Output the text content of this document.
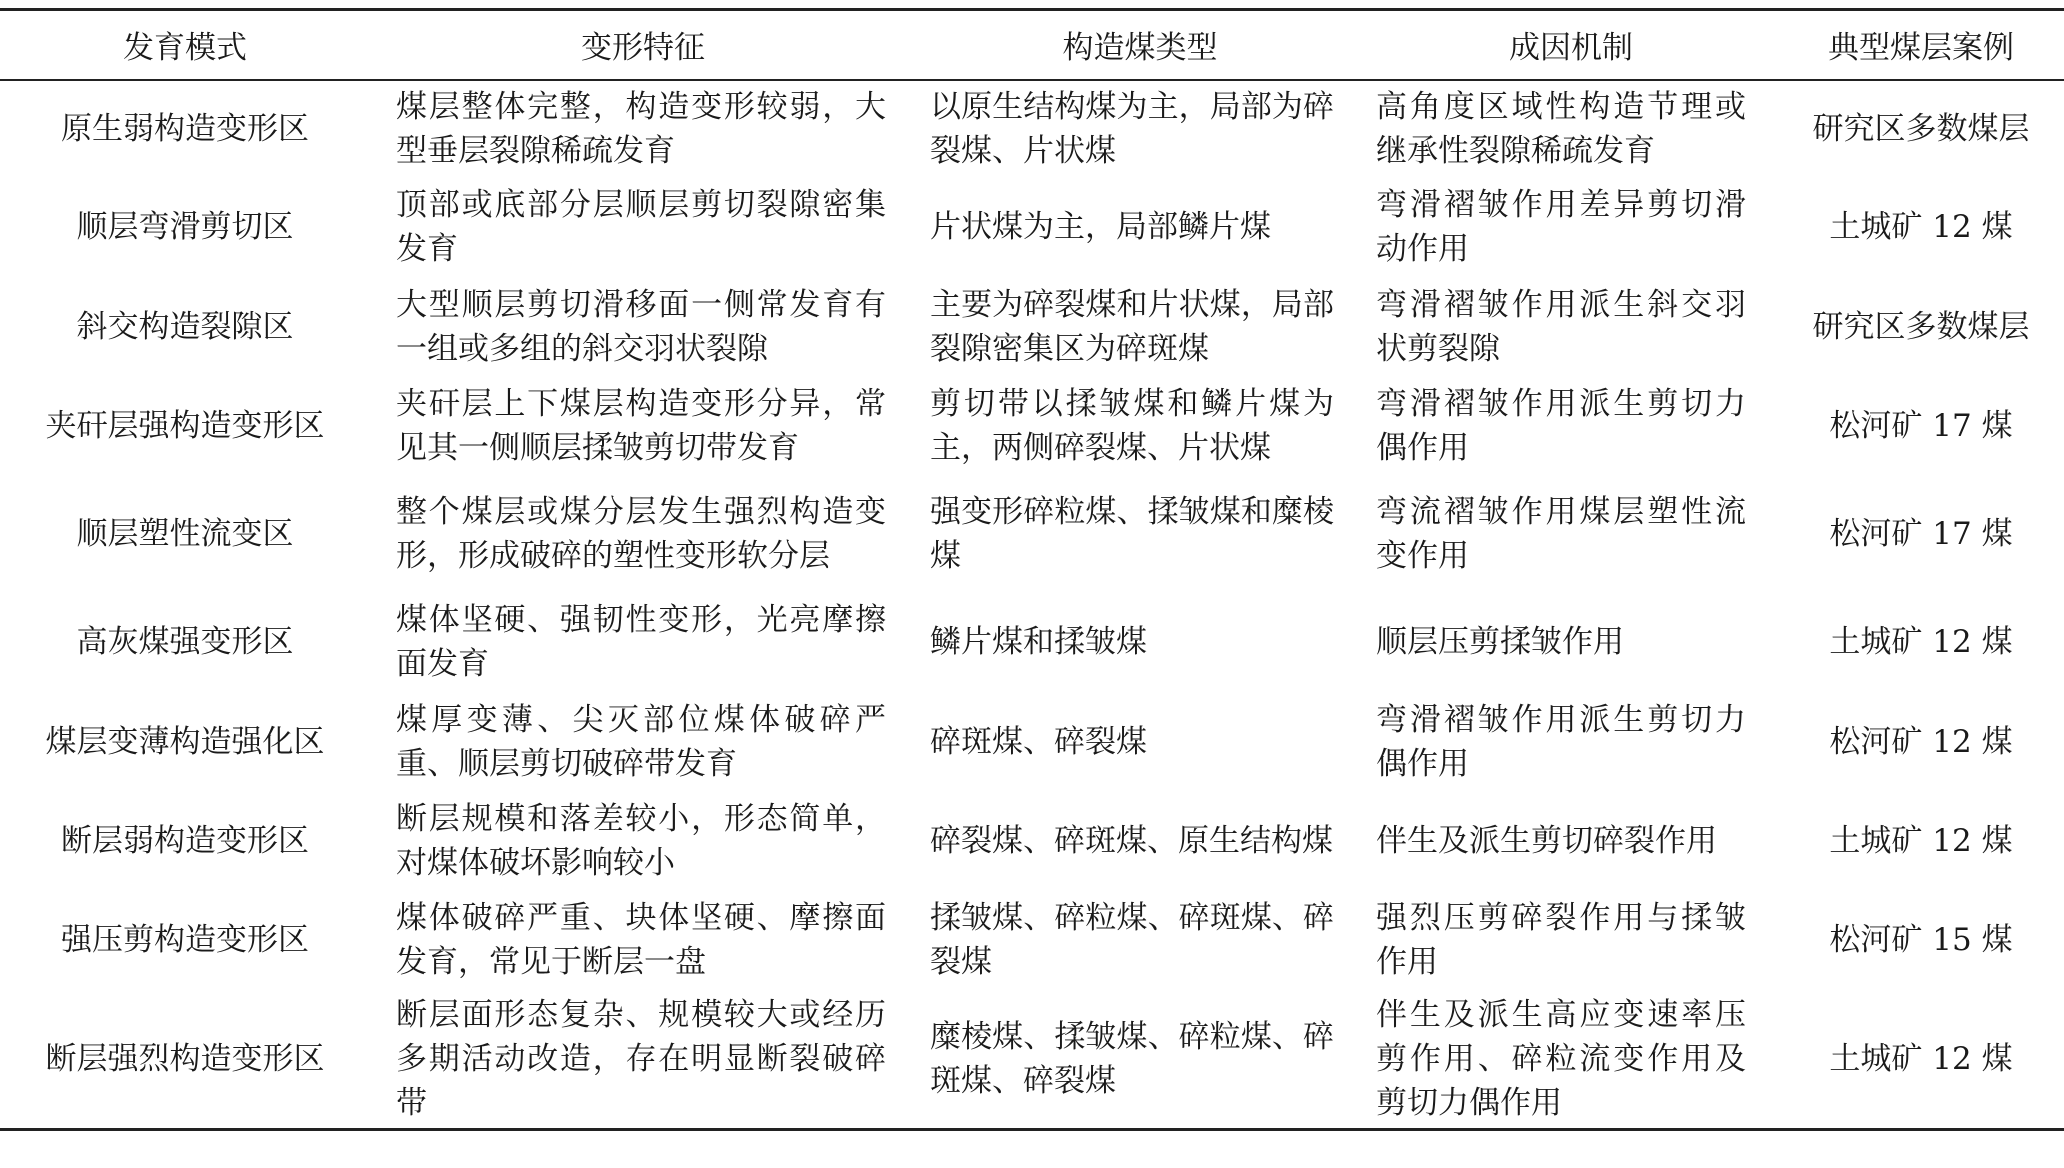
发育模式	变形特征	构造煤类型	成因机制	典型煤层案例
原生弱构造变形区	煤层整体完整，构造变形较弱，大型垂层裂隙稀疏发育	以原生结构煤为主，局部为碎裂煤、片状煤	高角度区域性构造节理或继承性裂隙稀疏发育	研究区多数煤层
顺层弯滑剪切区	顶部或底部分层顺层剪切裂隙密集发育	片状煤为主，局部鳞片煤	弯滑褶皱作用差异剪切滑动作用	土城矿 12 煤
斜交构造裂隙区	大型顺层剪切滑移面一侧常发育有一组或多组的斜交羽状裂隙	主要为碎裂煤和片状煤，局部裂隙密集区为碎斑煤	弯滑褶皱作用派生斜交羽状剪裂隙	研究区多数煤层
夹矸层强构造变形区	夹矸层上下煤层构造变形分异，常见其一侧顺层揉皱剪切带发育	剪切带以揉皱煤和鳞片煤为主，两侧碎裂煤、片状煤	弯滑褶皱作用派生剪切力偶作用	松河矿 17 煤
顺层塑性流变区	整个煤层或煤分层发生强烈构造变形，形成破碎的塑性变形软分层	强变形碎粒煤、揉皱煤和糜棱煤	弯流褶皱作用煤层塑性流变作用	松河矿 17 煤
高灰煤强变形区	煤体坚硬、强韧性变形，光亮摩擦面发育	鳞片煤和揉皱煤	顺层压剪揉皱作用	土城矿 12 煤
煤层变薄构造强化区	煤厚变薄、尖灭部位煤体破碎严重、顺层剪切破碎带发育	碎斑煤、碎裂煤	弯滑褶皱作用派生剪切力偶作用	松河矿 12 煤
断层弱构造变形区	断层规模和落差较小，形态简单，对煤体破坏影响较小	碎裂煤、碎斑煤、原生结构煤	伴生及派生剪切碎裂作用	土城矿 12 煤
强压剪构造变形区	煤体破碎严重、块体坚硬、摩擦面发育，常见于断层一盘	揉皱煤、碎粒煤、碎斑煤、碎裂煤	强烈压剪碎裂作用与揉皱作用	松河矿 15 煤
断层强烈构造变形区	断层面形态复杂、规模较大或经历多期活动改造，存在明显断裂破碎带	糜棱煤、揉皱煤、碎粒煤、碎斑煤、碎裂煤	伴生及派生高应变速率压剪作用、碎粒流变作用及剪切力偶作用	土城矿 12 煤
